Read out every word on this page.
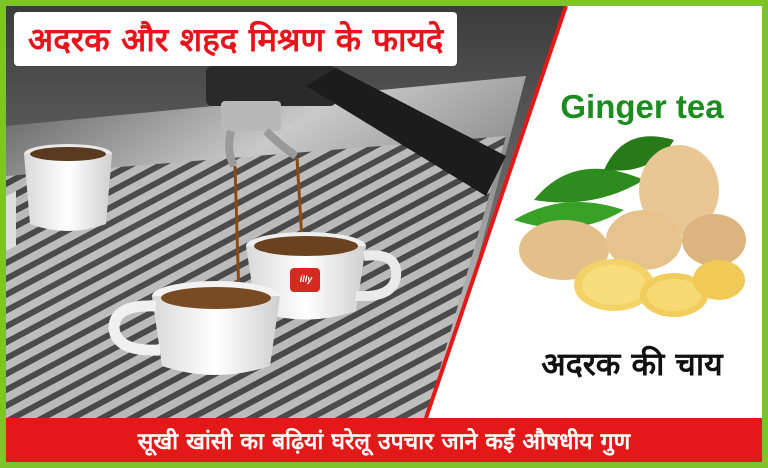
अदरक और शहद मिश्रण के फायदे
Ginger tea
अदरक की चाय
सूखी खांसी का बढ़ियां घरेलू उपचार जाने कई औषधीय गुण
illy
